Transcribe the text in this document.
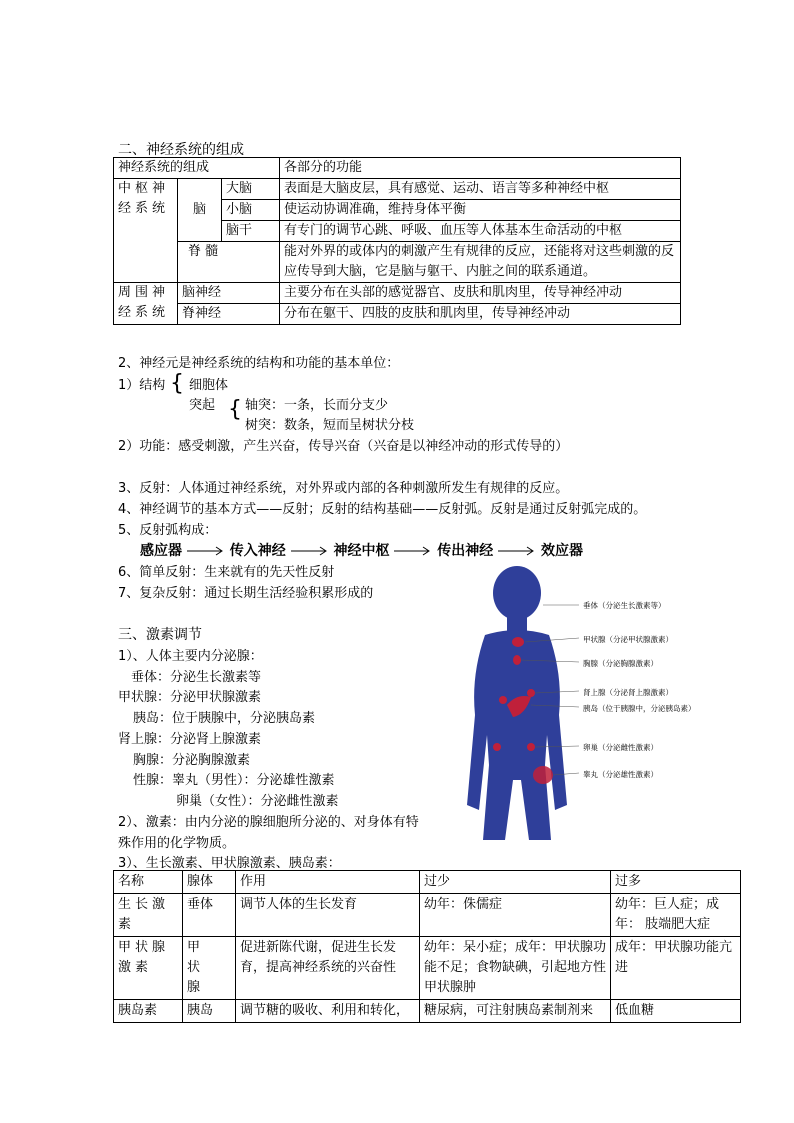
二、神经系统的组成
神经系统的组成			各部分的功能
中枢神经系统	脑	大脑	表面是大脑皮层，具有感觉、运动、语言等多种神经中枢
		小脑	使运动协调准确，维持身体平衡
		脑干	有专门的调节心跳、呼吸、血压等人体基本生命活动的中枢
	脊 髓		能对外界的或体内的刺激产生有规律的反应，还能将对这些刺激的反应传导到大脑，它是脑与躯干、内脏之间的联系通道。
周围神经系统	脑神经		主要分布在头部的感觉器官、皮肤和肌肉里，传导神经冲动
	脊神经		分布在躯干、四肢的皮肤和肌肉里，传导神经冲动
2、神经元是神经系统的结构和功能的基本单位：
1）结构 { 细胞体
突起 { 轴突：一条，长而分支少
树突：数条，短而呈树状分枝
2）功能：感受刺激，产生兴奋，传导兴奋（兴奋是以神经冲动的形式传导的）
3、反射：人体通过神经系统，对外界或内部的各种刺激所发生有规律的反应。
4、神经调节的基本方式——反射；反射的结构基础——反射弧。反射是通过反射弧完成的。
5、反射弧构成：
感应器	传入神经	神经中枢	传出神经	效应器
6、简单反射：生来就有的先天性反射
7、复杂反射：通过长期生活经验积累形成的
三、激素调节
1）、人体主要内分泌腺：
垂体：分泌生长激素等
甲状腺：分泌甲状腺激素
胰岛：位于胰腺中，分泌胰岛素
肾上腺：分泌肾上腺激素
胸腺：分泌胸腺激素
性腺：睾丸（男性）：分泌雄性激素
卵巢（女性）：分泌雌性激素
2）、激素：由内分泌的腺细胞所分泌的、对身体有特
殊作用的化学物质。
3）、生长激素、甲状腺激素、胰岛素：
垂体（分泌生长激素等）
甲状腺（分泌甲状腺激素）
胸腺（分泌胸腺激素）
肾上腺（分泌肾上腺激素）
胰岛（位于胰腺中，分泌胰岛素）
卵巢（分泌雌性激素）
睾丸（分泌雄性激素）
名称	腺体	作用	过少	过多
生长激素	垂体	调节人体的生长发育	幼年：侏儒症	幼年：巨人症；成年： 肢端肥大症
甲状腺激素	甲 状 腺	促进新陈代谢，促进生长发育，提高神经系统的兴奋性	幼年：呆小症；成年：甲状腺功能不足；食物缺碘，引起地方性甲状腺肿	成年：甲状腺功能亢进
胰岛素	胰岛	调节糖的吸收、利用和转化，	糖尿病，可注射胰岛素制剂来	低血糖
